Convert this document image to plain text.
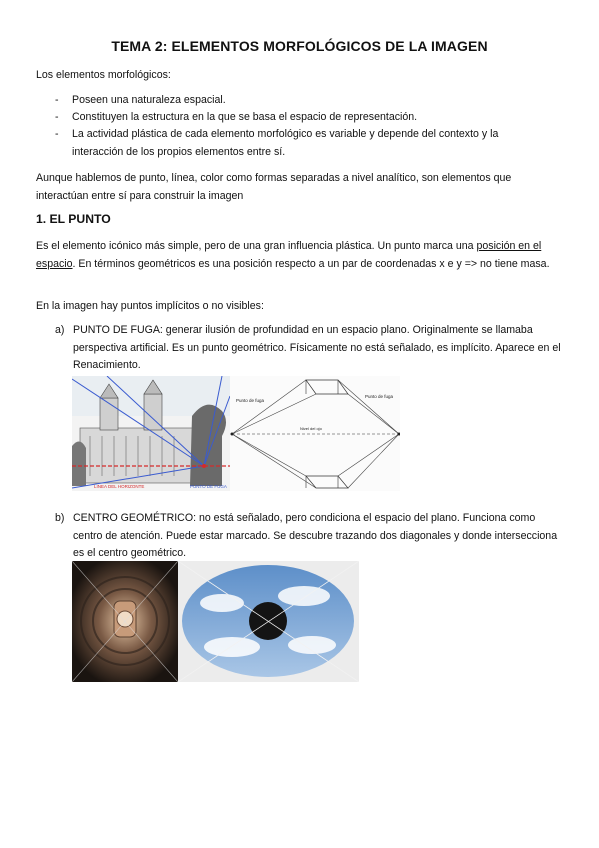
TEMA 2: ELEMENTOS MORFOLÓGICOS DE LA IMAGEN
Los elementos morfológicos:
-	Poseen una naturaleza espacial.
-	Constituyen la estructura en la que se basa el espacio de representación.
-	La actividad plástica de cada elemento morfológico es variable y depende del contexto y la interacción de los propios elementos entre sí.
Aunque hablemos de punto, línea, color como formas separadas a nivel analítico, son elementos que interactúan entre sí para construir la imagen
1. EL PUNTO
Es el elemento icónico más simple, pero de una gran influencia plástica. Un punto marca una posición en el espacio. En términos geométricos es una posición respecto a un par de coordenadas x e y => no tiene masa.
En la imagen hay puntos implícitos o no visibles:
a) PUNTO DE FUGA: generar ilusión de profundidad en un espacio plano. Originalmente se llamaba perspectiva artificial. Es un punto geométrico. Físicamente no está señalado, es implícito. Aparece en el Renacimiento.
LINEA DEL HORIZONTE	PUNTO DE FUGA
Punto de fuga
Punto de fuga
Nivel del ojo
b) CENTRO GEOMÉTRICO: no está señalado, pero condiciona el espacio del plano. Funciona como centro de atención. Puede estar marcado. Se descubre trazando dos diagonales y donde intersecciona es el centro geométrico.
